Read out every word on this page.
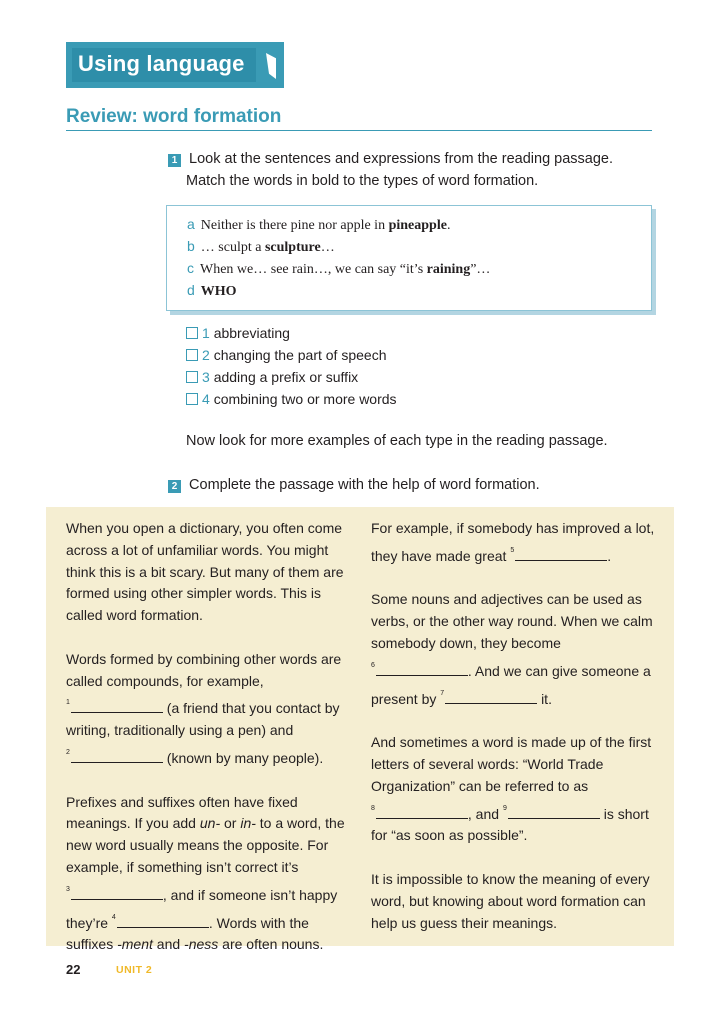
Using language
Review: word formation
1 Look at the sentences and expressions from the reading passage.
Match the words in bold to the types of word formation.
a Neither is there pine nor apple in pineapple.
b … sculpt a sculpture…
c When we… see rain…, we can say “it’s raining”…
d WHO
1 abbreviating
2 changing the part of speech
3 adding a prefix or suffix
4 combining two or more words
Now look for more examples of each type in the reading passage.
2 Complete the passage with the help of word formation.

When you open a dictionary, you often come across a lot of unfamiliar words. You might think this is a bit scary. But many of them are formed using other simpler words. This is called word formation.

Words formed by combining other words are called compounds, for example,
$^1$	(a friend that you contact by writing, traditionally using a pen) and
$^2$	(known by many people).

Prefixes and suffixes often have fixed meanings. If you add un- or in- to a word, the new word usually means the opposite. For example, if something isn’t correct it’s
$^3$	, and if someone isn’t happy they’re $^4$	. Words with the suffixes -ment and -ness are often nouns.

For example, if somebody has improved a lot, they have made great $^5$	.

Some nouns and adjectives can be used as verbs, or the other way round. When we calm somebody down, they become
$^6$	. And we can give someone a present by $^7$	it.

And sometimes a word is made up of the first letters of several words: “World Trade Organization” can be referred to as
$^8$	, and $^9$	is short for “as soon as possible”.

It is impossible to know the meaning of every word, but knowing about word formation can help us guess their meanings.

22	UNIT 2
